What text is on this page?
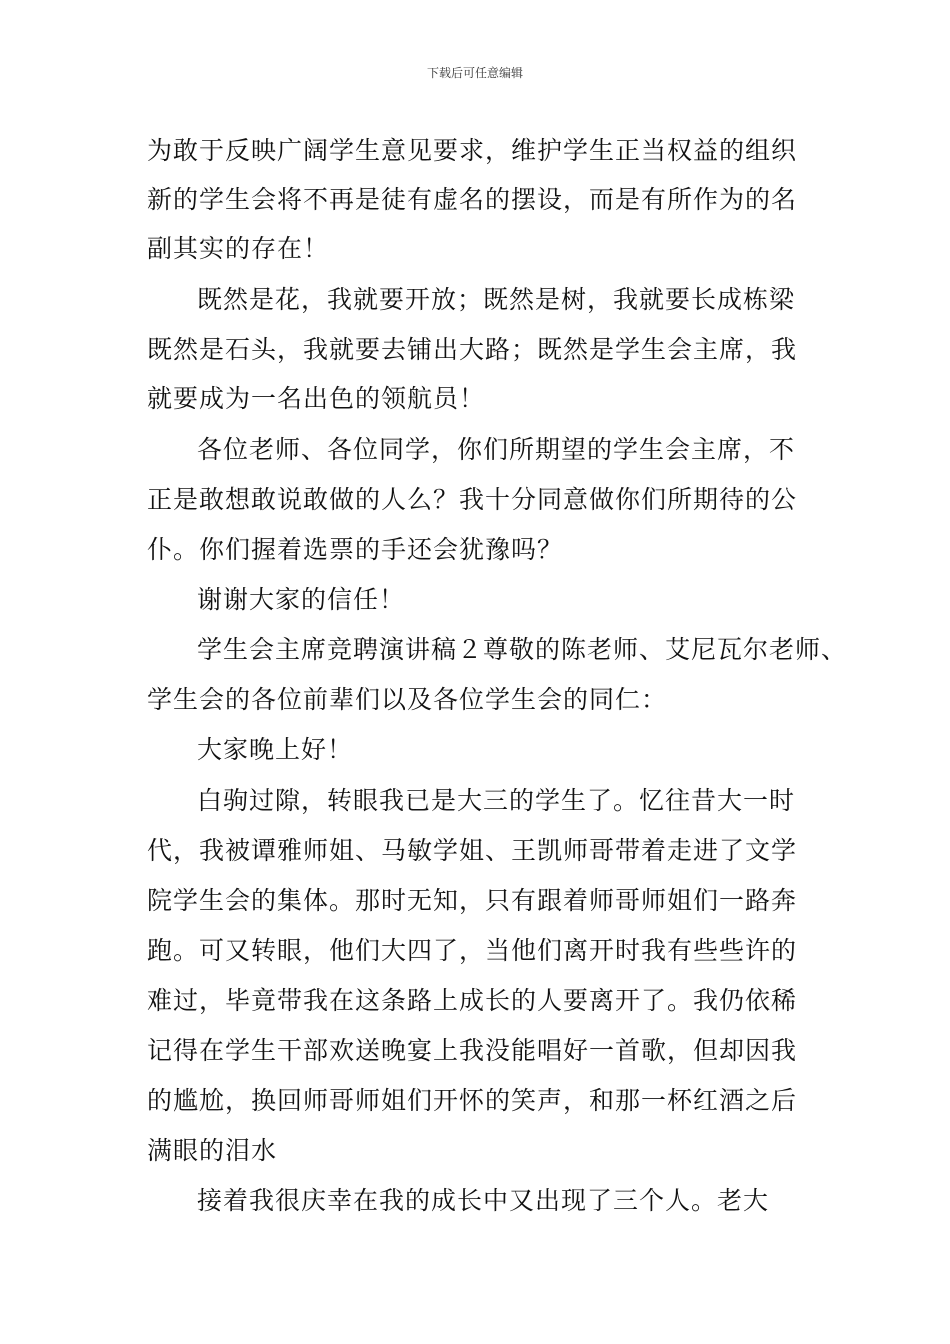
下载后可任意编辑
为敢于反映广阔学生意见要求，维护学生正当权益的组织
新的学生会将不再是徒有虚名的摆设，而是有所作为的名
副其实的存在！
既然是花，我就要开放；既然是树，我就要长成栋梁
既然是石头，我就要去铺出大路；既然是学生会主席，我
就要成为一名出色的领航员！
各位老师、各位同学，你们所期望的学生会主席，不
正是敢想敢说敢做的人么？我十分同意做你们所期待的公
仆。你们握着选票的手还会犹豫吗？
谢谢大家的信任！
学生会主席竞聘演讲稿２尊敬的陈老师、艾尼瓦尔老师、
学生会的各位前辈们以及各位学生会的同仁：
大家晚上好！
白驹过隙，转眼我已是大三的学生了。忆往昔大一时
代，我被谭雅师姐、马敏学姐、王凯师哥带着走进了文学
院学生会的集体。那时无知，只有跟着师哥师姐们一路奔
跑。可又转眼，他们大四了，当他们离开时我有些些许的
难过，毕竟带我在这条路上成长的人要离开了。我仍依稀
记得在学生干部欢送晚宴上我没能唱好一首歌，但却因我
的尴尬，换回师哥师姐们开怀的笑声，和那一杯红酒之后
满眼的泪水
接着我很庆幸在我的成长中又出现了三个人。老大
